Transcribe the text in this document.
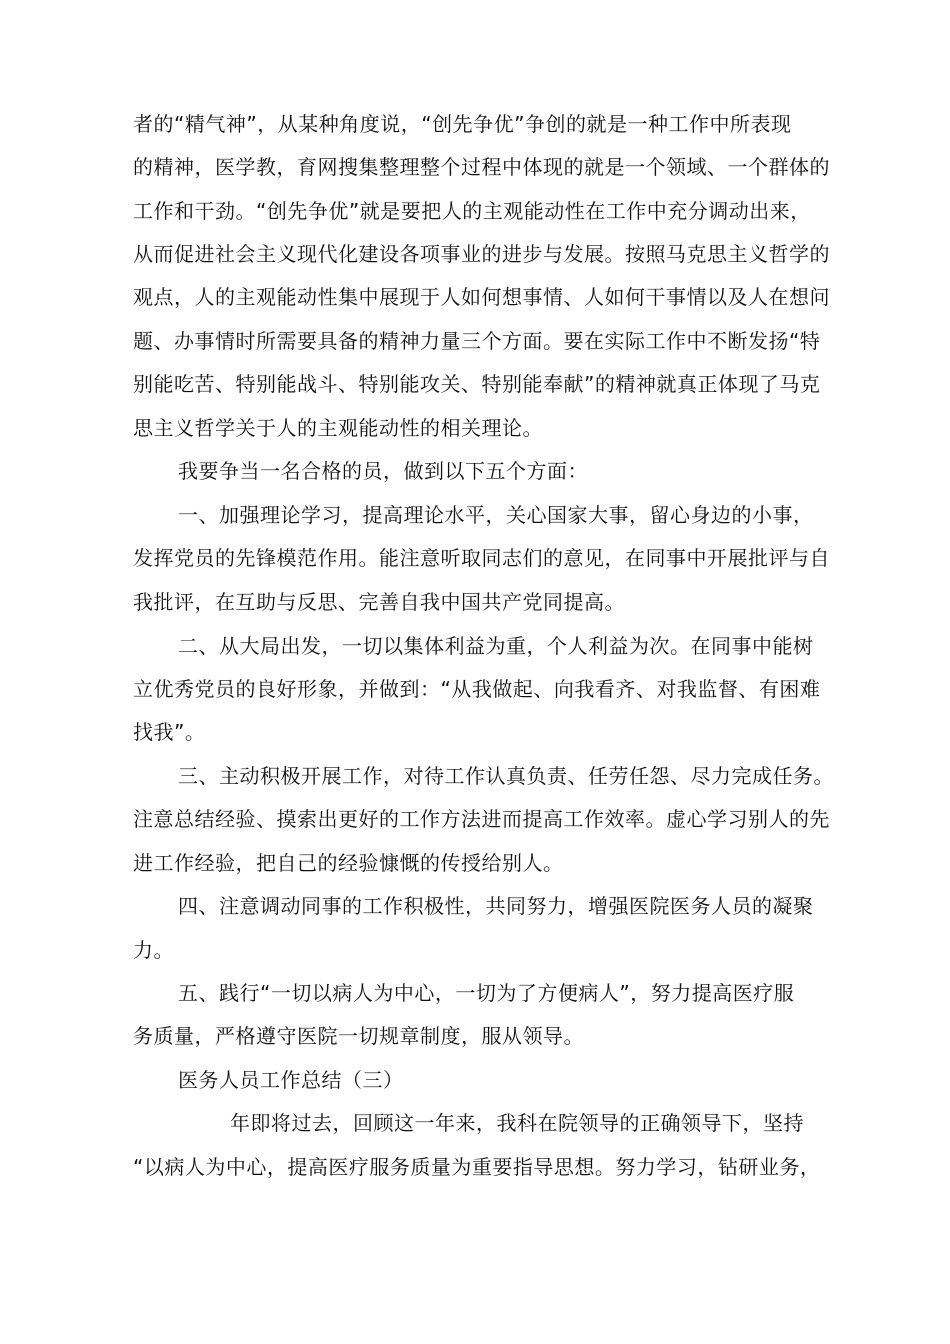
者的“精气神”，从某种角度说，“创先争优”争创的就是一种工作中所表现
的精神，医学教，育网搜集整理整个过程中体现的就是一个领域、一个群体的
工作和干劲。“创先争优”就是要把人的主观能动性在工作中充分调动出来，
从而促进社会主义现代化建设各项事业的进步与发展。按照马克思主义哲学的
观点，人的主观能动性集中展现于人如何想事情、人如何干事情以及人在想问
题、办事情时所需要具备的精神力量三个方面。要在实际工作中不断发扬“特
别能吃苦、特别能战斗、特别能攻关、特别能奉献”的精神就真正体现了马克
思主义哲学关于人的主观能动性的相关理论。
我要争当一名合格的员，做到以下五个方面：
一、加强理论学习，提高理论水平，关心国家大事，留心身边的小事，
发挥党员的先锋模范作用。能注意听取同志们的意见，在同事中开展批评与自
我批评，在互助与反思、完善自我中国共产党同提高。
二、从大局出发，一切以集体利益为重，个人利益为次。在同事中能树
立优秀党员的良好形象，并做到：“从我做起、向我看齐、对我监督、有困难
找我”。
三、主动积极开展工作，对待工作认真负责、任劳任怨、尽力完成任务。
注意总结经验、摸索出更好的工作方法进而提高工作效率。虚心学习别人的先
进工作经验，把自己的经验慷慨的传授给别人。
四、注意调动同事的工作积极性，共同努力，增强医院医务人员的凝聚
力。
五、践行“一切以病人为中心，一切为了方便病人”，努力提高医疗服
务质量，严格遵守医院一切规章制度，服从领导。
医务人员工作总结（三）
年即将过去，回顾这一年来，我科在院领导的正确领导下，坚持
“以病人为中心，提高医疗服务质量为重要指导思想。努力学习，钻研业务，
